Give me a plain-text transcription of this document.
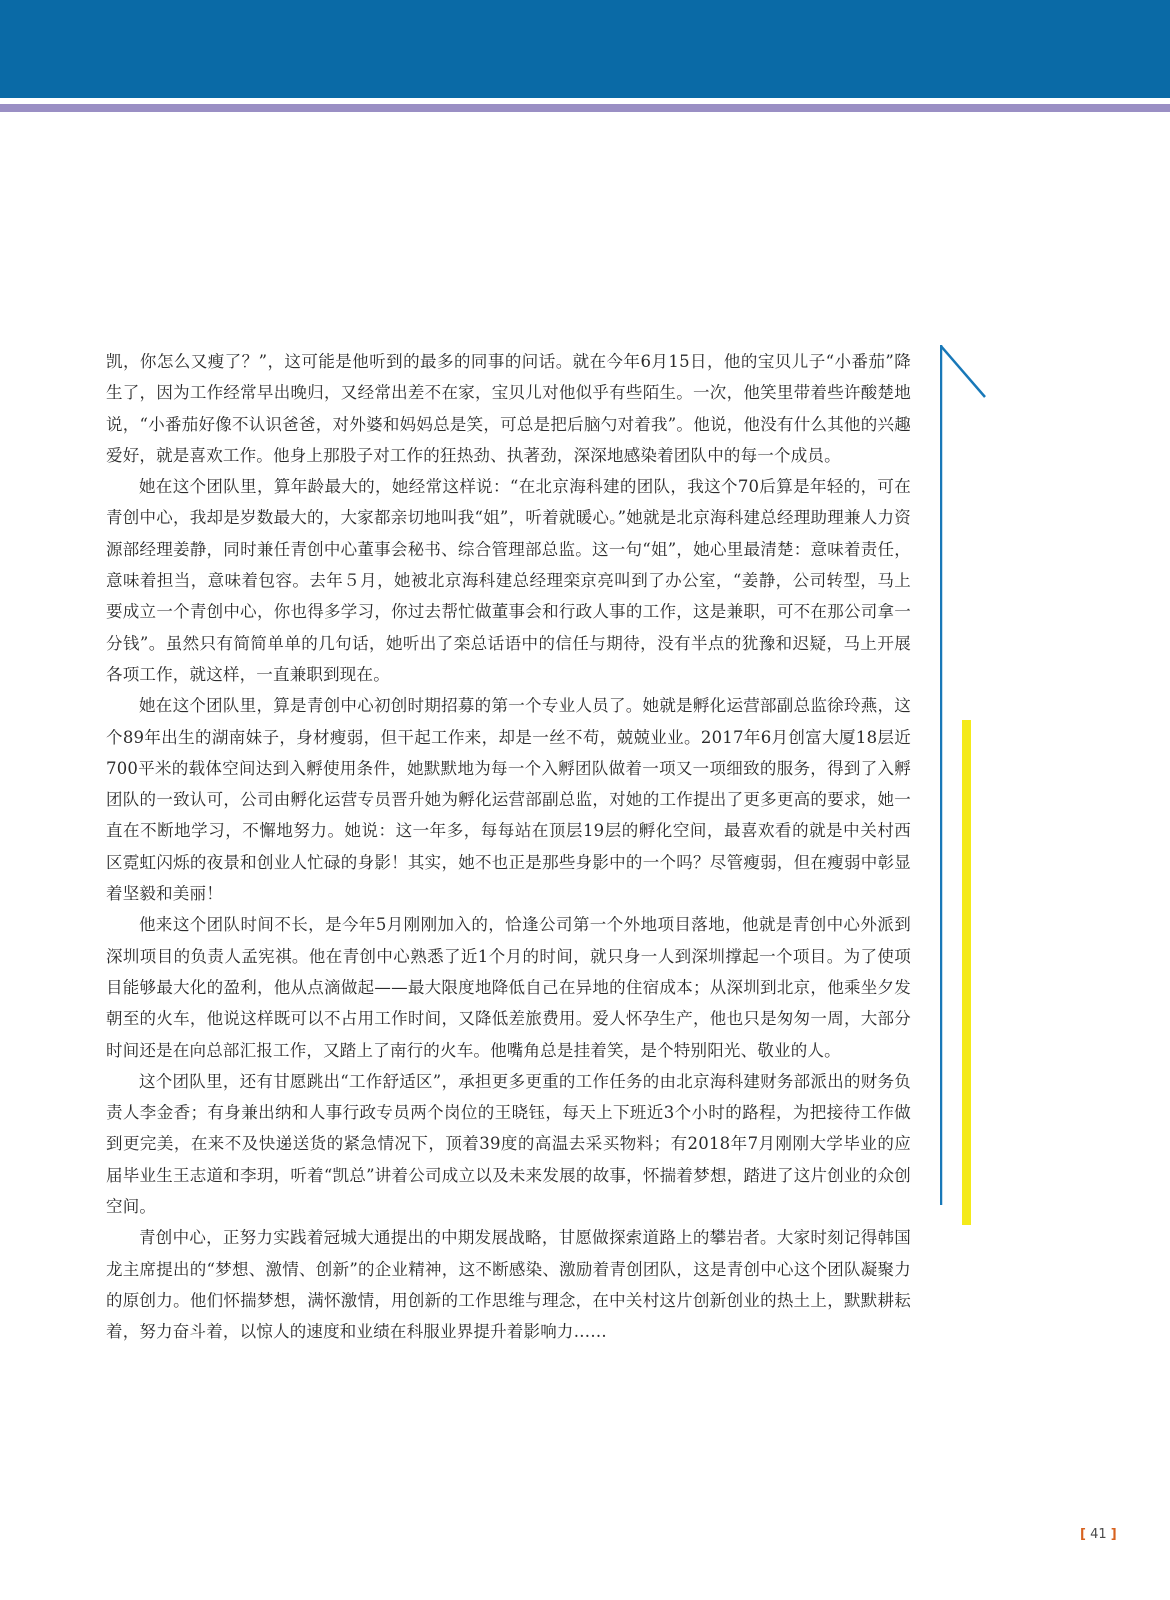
凯，你怎么又瘦了？”，这可能是他听到的最多的同事的问话。就在今年6月15日，他的宝贝儿子“小番茄”降生了，因为工作经常早出晚归，又经常出差不在家，宝贝儿对他似乎有些陌生。一次，他笑里带着些许酸楚地说，“小番茄好像不认识爸爸，对外婆和妈妈总是笑，可总是把后脑勺对着我”。他说，他没有什么其他的兴趣爱好，就是喜欢工作。他身上那股子对工作的狂热劲、执著劲，深深地感染着团队中的每一个成员。

她在这个团队里，算年龄最大的，她经常这样说：“在北京海科建的团队，我这个70后算是年轻的，可在青创中心，我却是岁数最大的，大家都亲切地叫我“姐”，听着就暖心。”她就是北京海科建总经理助理兼人力资源部经理姜静，同时兼任青创中心董事会秘书、综合管理部总监。这一句“姐”，她心里最清楚：意味着责任，意味着担当，意味着包容。去年５月，她被北京海科建总经理栾京亮叫到了办公室，“姜静，公司转型，马上要成立一个青创中心，你也得多学习，你过去帮忙做董事会和行政人事的工作，这是兼职，可不在那公司拿一分钱”。虽然只有简简单单的几句话，她听出了栾总话语中的信任与期待，没有半点的犹豫和迟疑，马上开展各项工作，就这样，一直兼职到现在。

她在这个团队里，算是青创中心初创时期招募的第一个专业人员了。她就是孵化运营部副总监徐玲燕，这个89年出生的湖南妹子，身材瘦弱，但干起工作来，却是一丝不苟，兢兢业业。2017年6月创富大厦18层近700平米的载体空间达到入孵使用条件，她默默地为每一个入孵团队做着一项又一项细致的服务，得到了入孵团队的一致认可，公司由孵化运营专员晋升她为孵化运营部副总监，对她的工作提出了更多更高的要求，她一直在不断地学习，不懈地努力。她说：这一年多，每每站在顶层19层的孵化空间，最喜欢看的就是中关村西区霓虹闪烁的夜景和创业人忙碌的身影！其实，她不也正是那些身影中的一个吗？尽管瘦弱，但在瘦弱中彰显着坚毅和美丽！

他来这个团队时间不长，是今年5月刚刚加入的，恰逢公司第一个外地项目落地，他就是青创中心外派到深圳项目的负责人孟宪祺。他在青创中心熟悉了近1个月的时间，就只身一人到深圳撑起一个项目。为了使项目能够最大化的盈利，他从点滴做起——最大限度地降低自己在异地的住宿成本；从深圳到北京，他乘坐夕发朝至的火车，他说这样既可以不占用工作时间，又降低差旅费用。爱人怀孕生产，他也只是匆匆一周，大部分时间还是在向总部汇报工作，又踏上了南行的火车。他嘴角总是挂着笑，是个特别阳光、敬业的人。

这个团队里，还有甘愿跳出“工作舒适区”，承担更多更重的工作任务的由北京海科建财务部派出的财务负责人李金香；有身兼出纳和人事行政专员两个岗位的王晓钰，每天上下班近3个小时的路程，为把接待工作做到更完美，在来不及快递送货的紧急情况下，顶着39度的高温去采买物料；有2018年7月刚刚大学毕业的应届毕业生王志道和李玥，听着“凯总”讲着公司成立以及未来发展的故事，怀揣着梦想，踏进了这片创业的众创空间。

青创中心，正努力实践着冠城大通提出的中期发展战略，甘愿做探索道路上的攀岩者。大家时刻记得韩国龙主席提出的“梦想、激情、创新”的企业精神，这不断感染、激励着青创团队，这是青创中心这个团队凝聚力的原创力。他们怀揣梦想，满怀激情，用创新的工作思维与理念，在中关村这片创新创业的热土上，默默耕耘着，努力奋斗着，以惊人的速度和业绩在科服业界提升着影响力……

[ 41 ]
